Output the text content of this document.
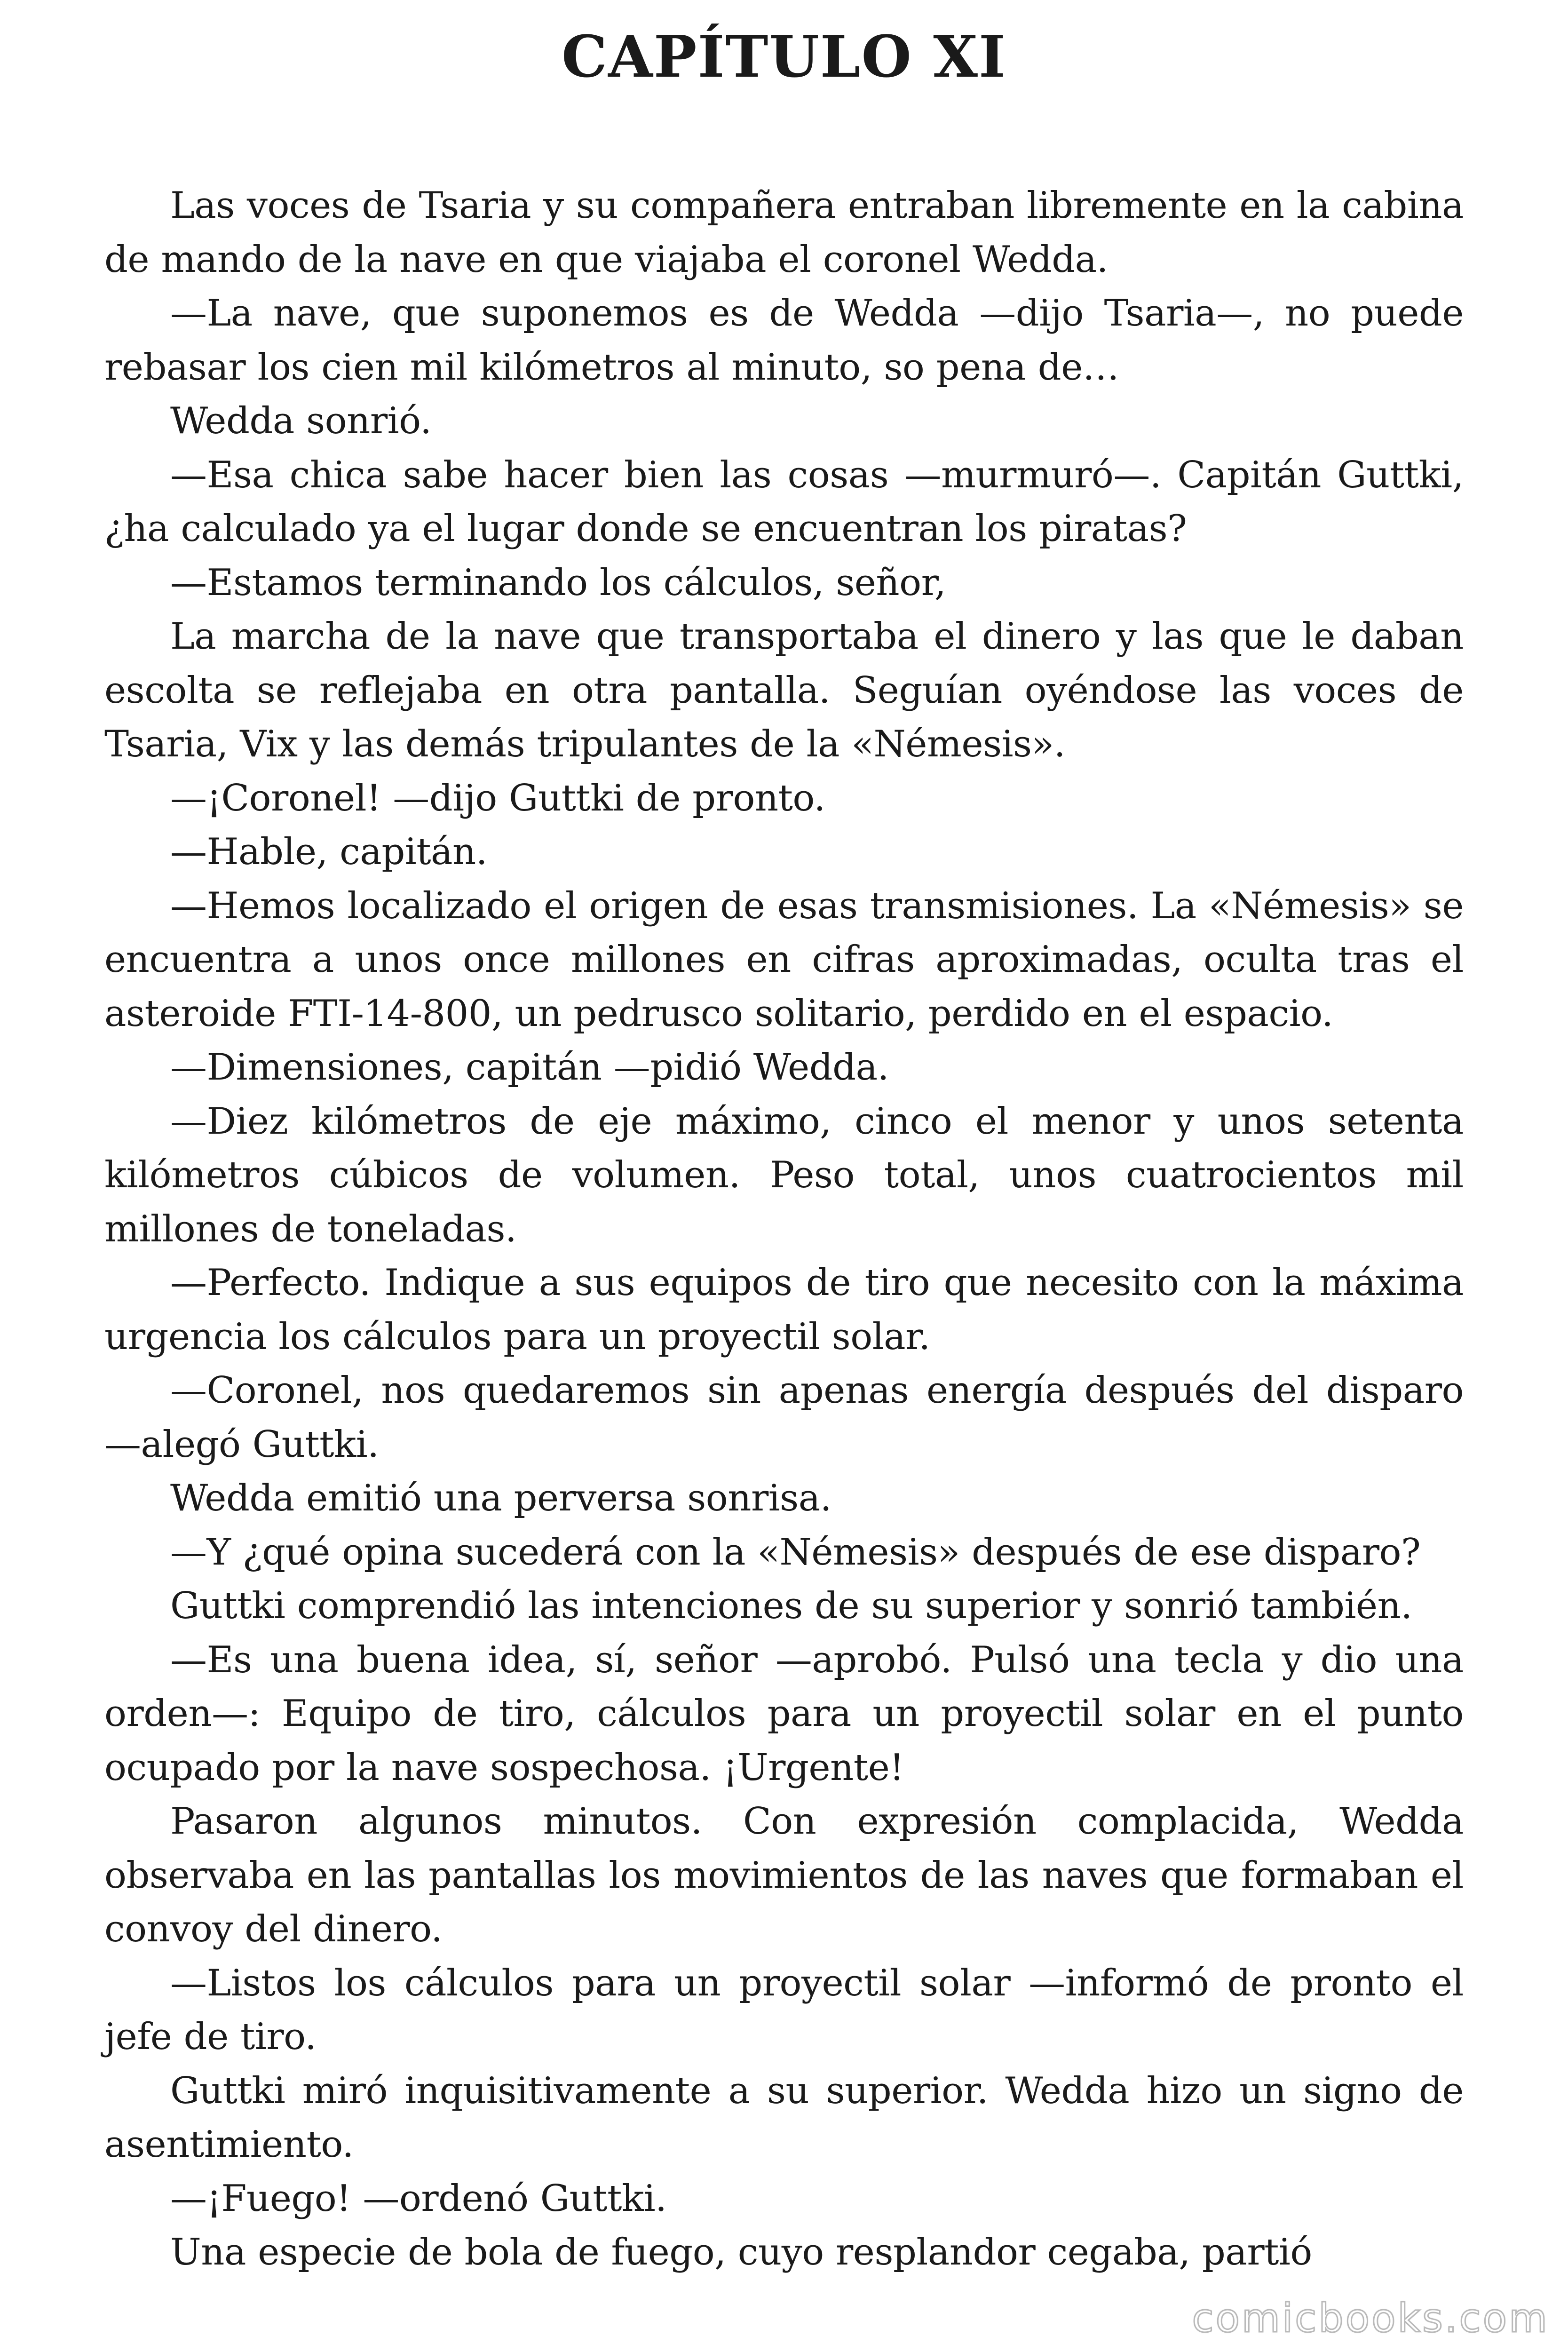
CAPÍTULO XI

Las voces de Tsaria y su compañera entraban libremente en la cabina de mando de la nave en que viajaba el coronel Wedda.

—La nave, que suponemos es de Wedda —dijo Tsaria—, no puede rebasar los cien mil kilómetros al minuto, so pena de…

Wedda sonrió.

—Esa chica sabe hacer bien las cosas —murmuró—. Capitán Guttki, ¿ha calculado ya el lugar donde se encuentran los piratas?

—Estamos terminando los cálculos, señor,

La marcha de la nave que transportaba el dinero y las que le daban escolta se reflejaba en otra pantalla. Seguían oyéndose las voces de Tsaria, Vix y las demás tripulantes de la «Némesis».

—¡Coronel! —dijo Guttki de pronto.

—Hable, capitán.

—Hemos localizado el origen de esas transmisiones. La «Némesis» se encuentra a unos once millones en cifras aproximadas, oculta tras el asteroide FTI-14-800, un pedrusco solitario, perdido en el espacio.

—Dimensiones, capitán —pidió Wedda.

—Diez kilómetros de eje máximo, cinco el menor y unos setenta kilómetros cúbicos de volumen. Peso total, unos cuatrocientos mil millones de toneladas.

—Perfecto. Indique a sus equipos de tiro que necesito con la máxima urgencia los cálculos para un proyectil solar.

—Coronel, nos quedaremos sin apenas energía después del disparo —alegó Guttki.

Wedda emitió una perversa sonrisa.

—Y ¿qué opina sucederá con la «Némesis» después de ese disparo?

Guttki comprendió las intenciones de su superior y sonrió también.

—Es una buena idea, sí, señor —aprobó. Pulsó una tecla y dio una orden—: Equipo de tiro, cálculos para un proyectil solar en el punto ocupado por la nave sospechosa. ¡Urgente!

Pasaron algunos minutos. Con expresión complacida, Wedda observaba en las pantallas los movimientos de las naves que formaban el convoy del dinero.

—Listos los cálculos para un proyectil solar —informó de pronto el jefe de tiro.

Guttki miró inquisitivamente a su superior. Wedda hizo un signo de asentimiento.

—¡Fuego! —ordenó Guttki.

Una especie de bola de fuego, cuyo resplandor cegaba, partió

comicbooks.com
